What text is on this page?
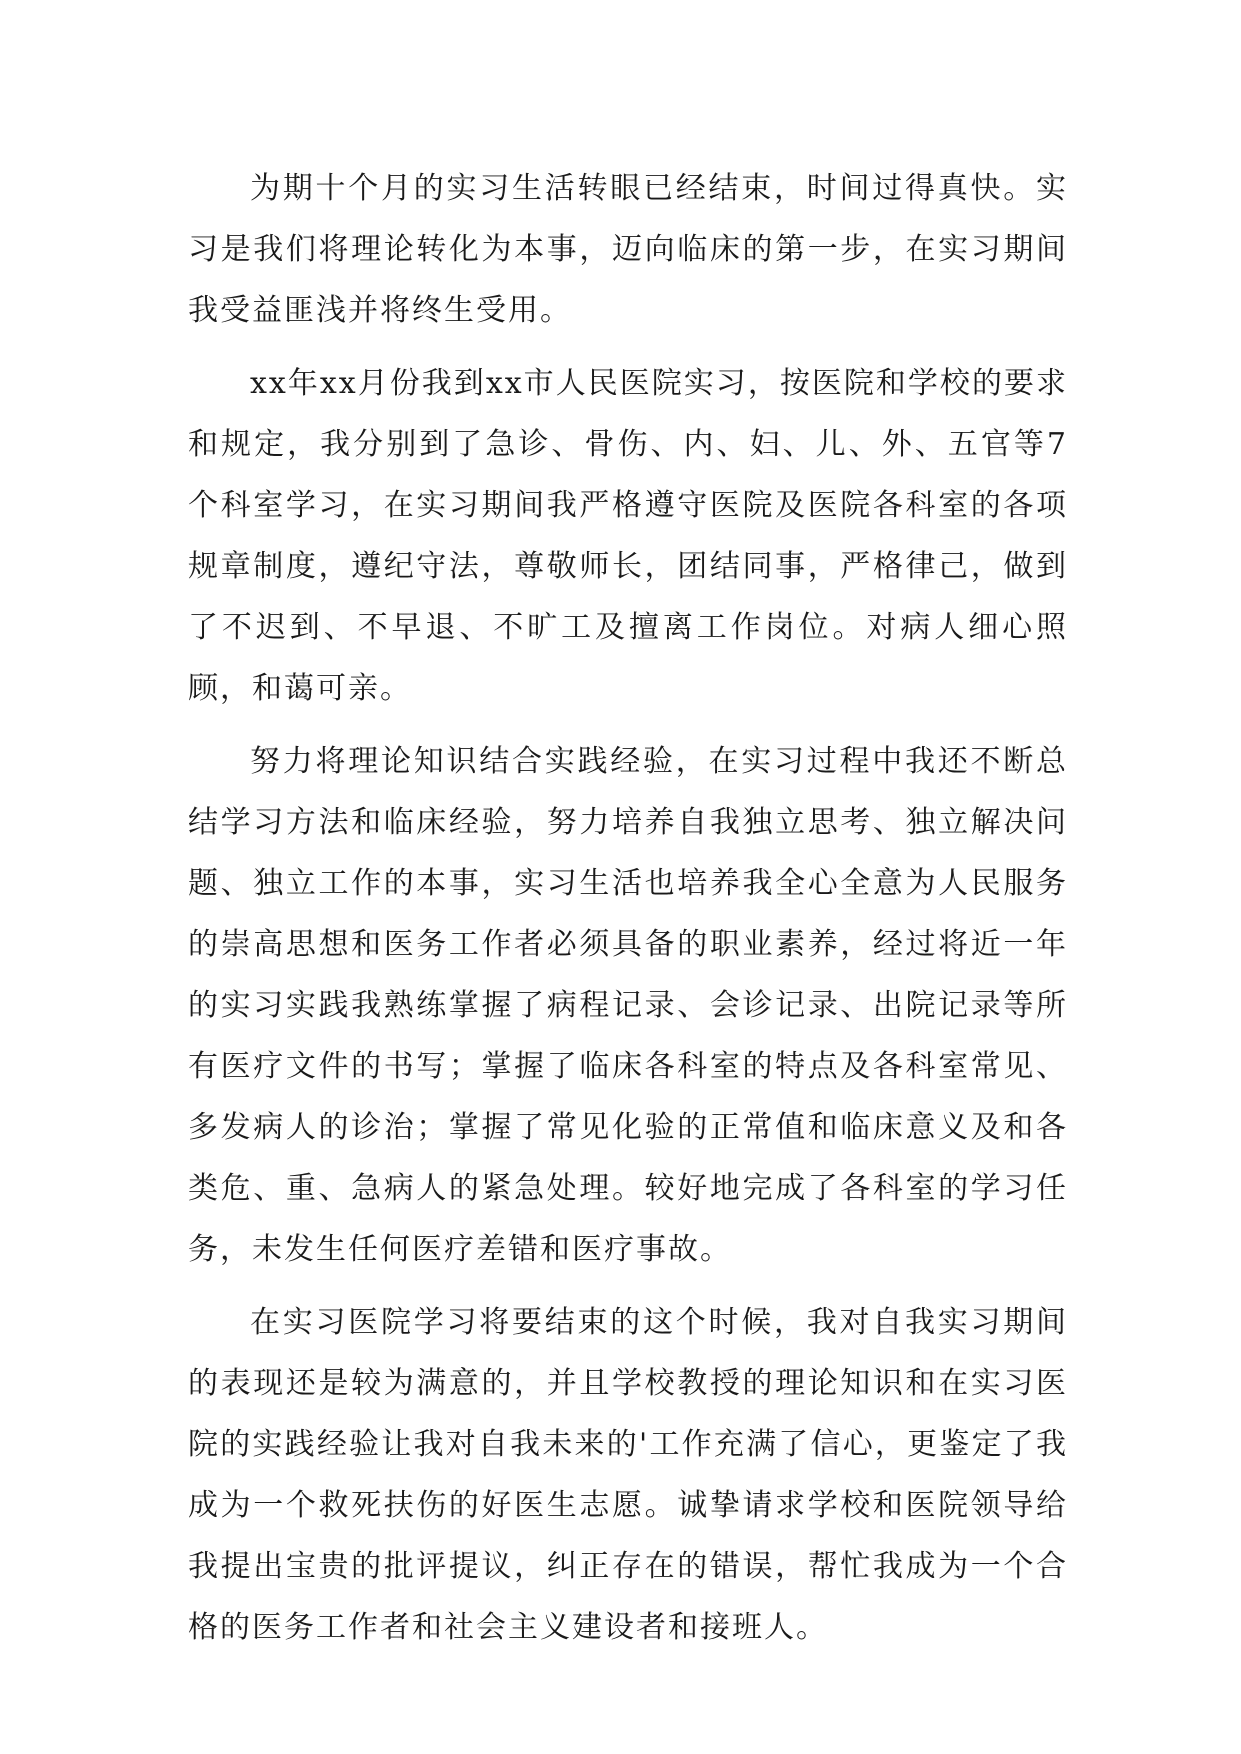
为期十个月的实习生活转眼已经结束，时间过得真快。实习是我们将理论转化为本事，迈向临床的第一步，在实习期间我受益匪浅并将终生受用。

xx年xx月份我到xx市人民医院实习，按医院和学校的要求和规定，我分别到了急诊、骨伤、内、妇、儿、外、五官等7个科室学习，在实习期间我严格遵守医院及医院各科室的各项规章制度，遵纪守法，尊敬师长，团结同事，严格律己，做到了不迟到、不早退、不旷工及擅离工作岗位。对病人细心照顾，和蔼可亲。

努力将理论知识结合实践经验，在实习过程中我还不断总结学习方法和临床经验，努力培养自我独立思考、独立解决问题、独立工作的本事，实习生活也培养我全心全意为人民服务的崇高思想和医务工作者必须具备的职业素养，经过将近一年的实习实践我熟练掌握了病程记录、会诊记录、出院记录等所有医疗文件的书写；掌握了临床各科室的特点及各科室常见、多发病人的诊治；掌握了常见化验的正常值和临床意义及和各类危、重、急病人的紧急处理。较好地完成了各科室的学习任务，未发生任何医疗差错和医疗事故。

在实习医院学习将要结束的这个时候，我对自我实习期间的表现还是较为满意的，并且学校教授的理论知识和在实习医院的实践经验让我对自我未来的'工作充满了信心，更鉴定了我成为一个救死扶伤的好医生志愿。诚挚请求学校和医院领导给我提出宝贵的批评提议，纠正存在的错误，帮忙我成为一个合格的医务工作者和社会主义建设者和接班人。
